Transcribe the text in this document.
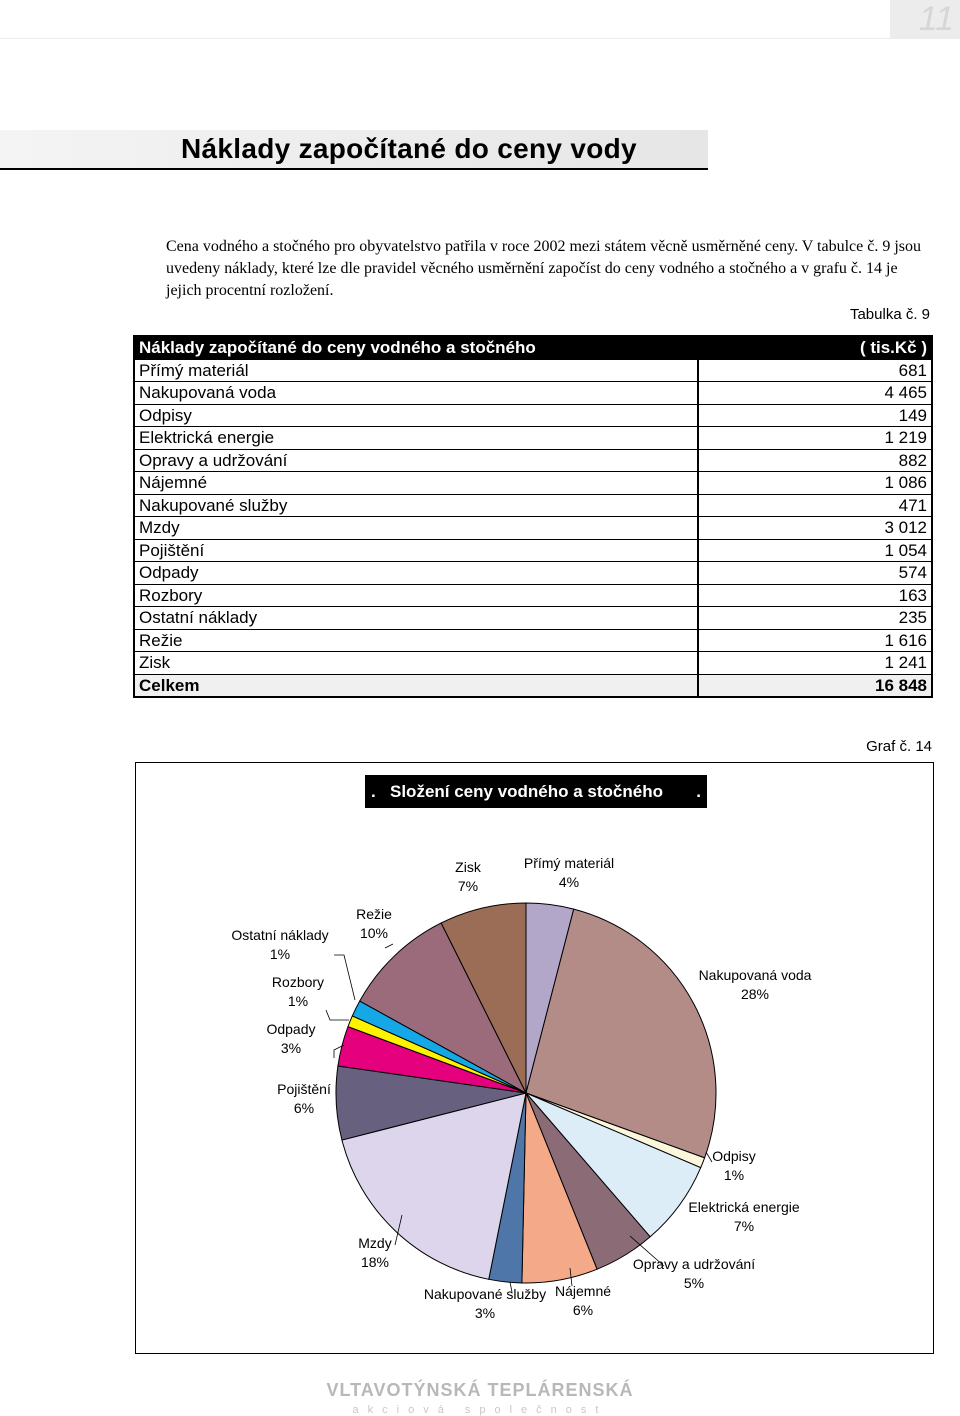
11
Náklady započítané do ceny vody
Cena vodného a stočného pro obyvatelstvo patřila v roce 2002 mezi státem věcně usměrněné ceny. V tabulce č. 9 jsou uvedeny náklady, které lze dle pravidel věcného usměrnění započíst do ceny vodného a stočného a v grafu č. 14 je jejich procentní rozložení.
Tabulka č. 9
Náklady započítané do ceny vodného a stočného	( tis.Kč )
Přímý materiál	681
Nakupovaná voda	4 465
Odpisy	149
Elektrická energie	1 219
Opravy a udržování	882
Nájemné	1 086
Nakupované služby	471
Mzdy	3 012
Pojištění	1 054
Odpady	574
Rozbory	163
Ostatní náklady	235
Režie	1 616
Zisk	1 241
Celkem	16 848
Graf č. 14
. Složení ceny vodného a stočného .
Přímý materiál
4%
Nakupovaná voda
28%
Odpisy
1%
Elektrická energie
7%
Opravy a udržování
5%
Nájemné
6%
Nakupované služby
3%
Mzdy
18%
Pojištění
6%
Odpady
3%
Rozbory
1%
Ostatní náklady
1%
Režie
10%
Zisk
7%
VLTAVOTÝNSKÁ TEPLÁRENSKÁ
akciová společnost
